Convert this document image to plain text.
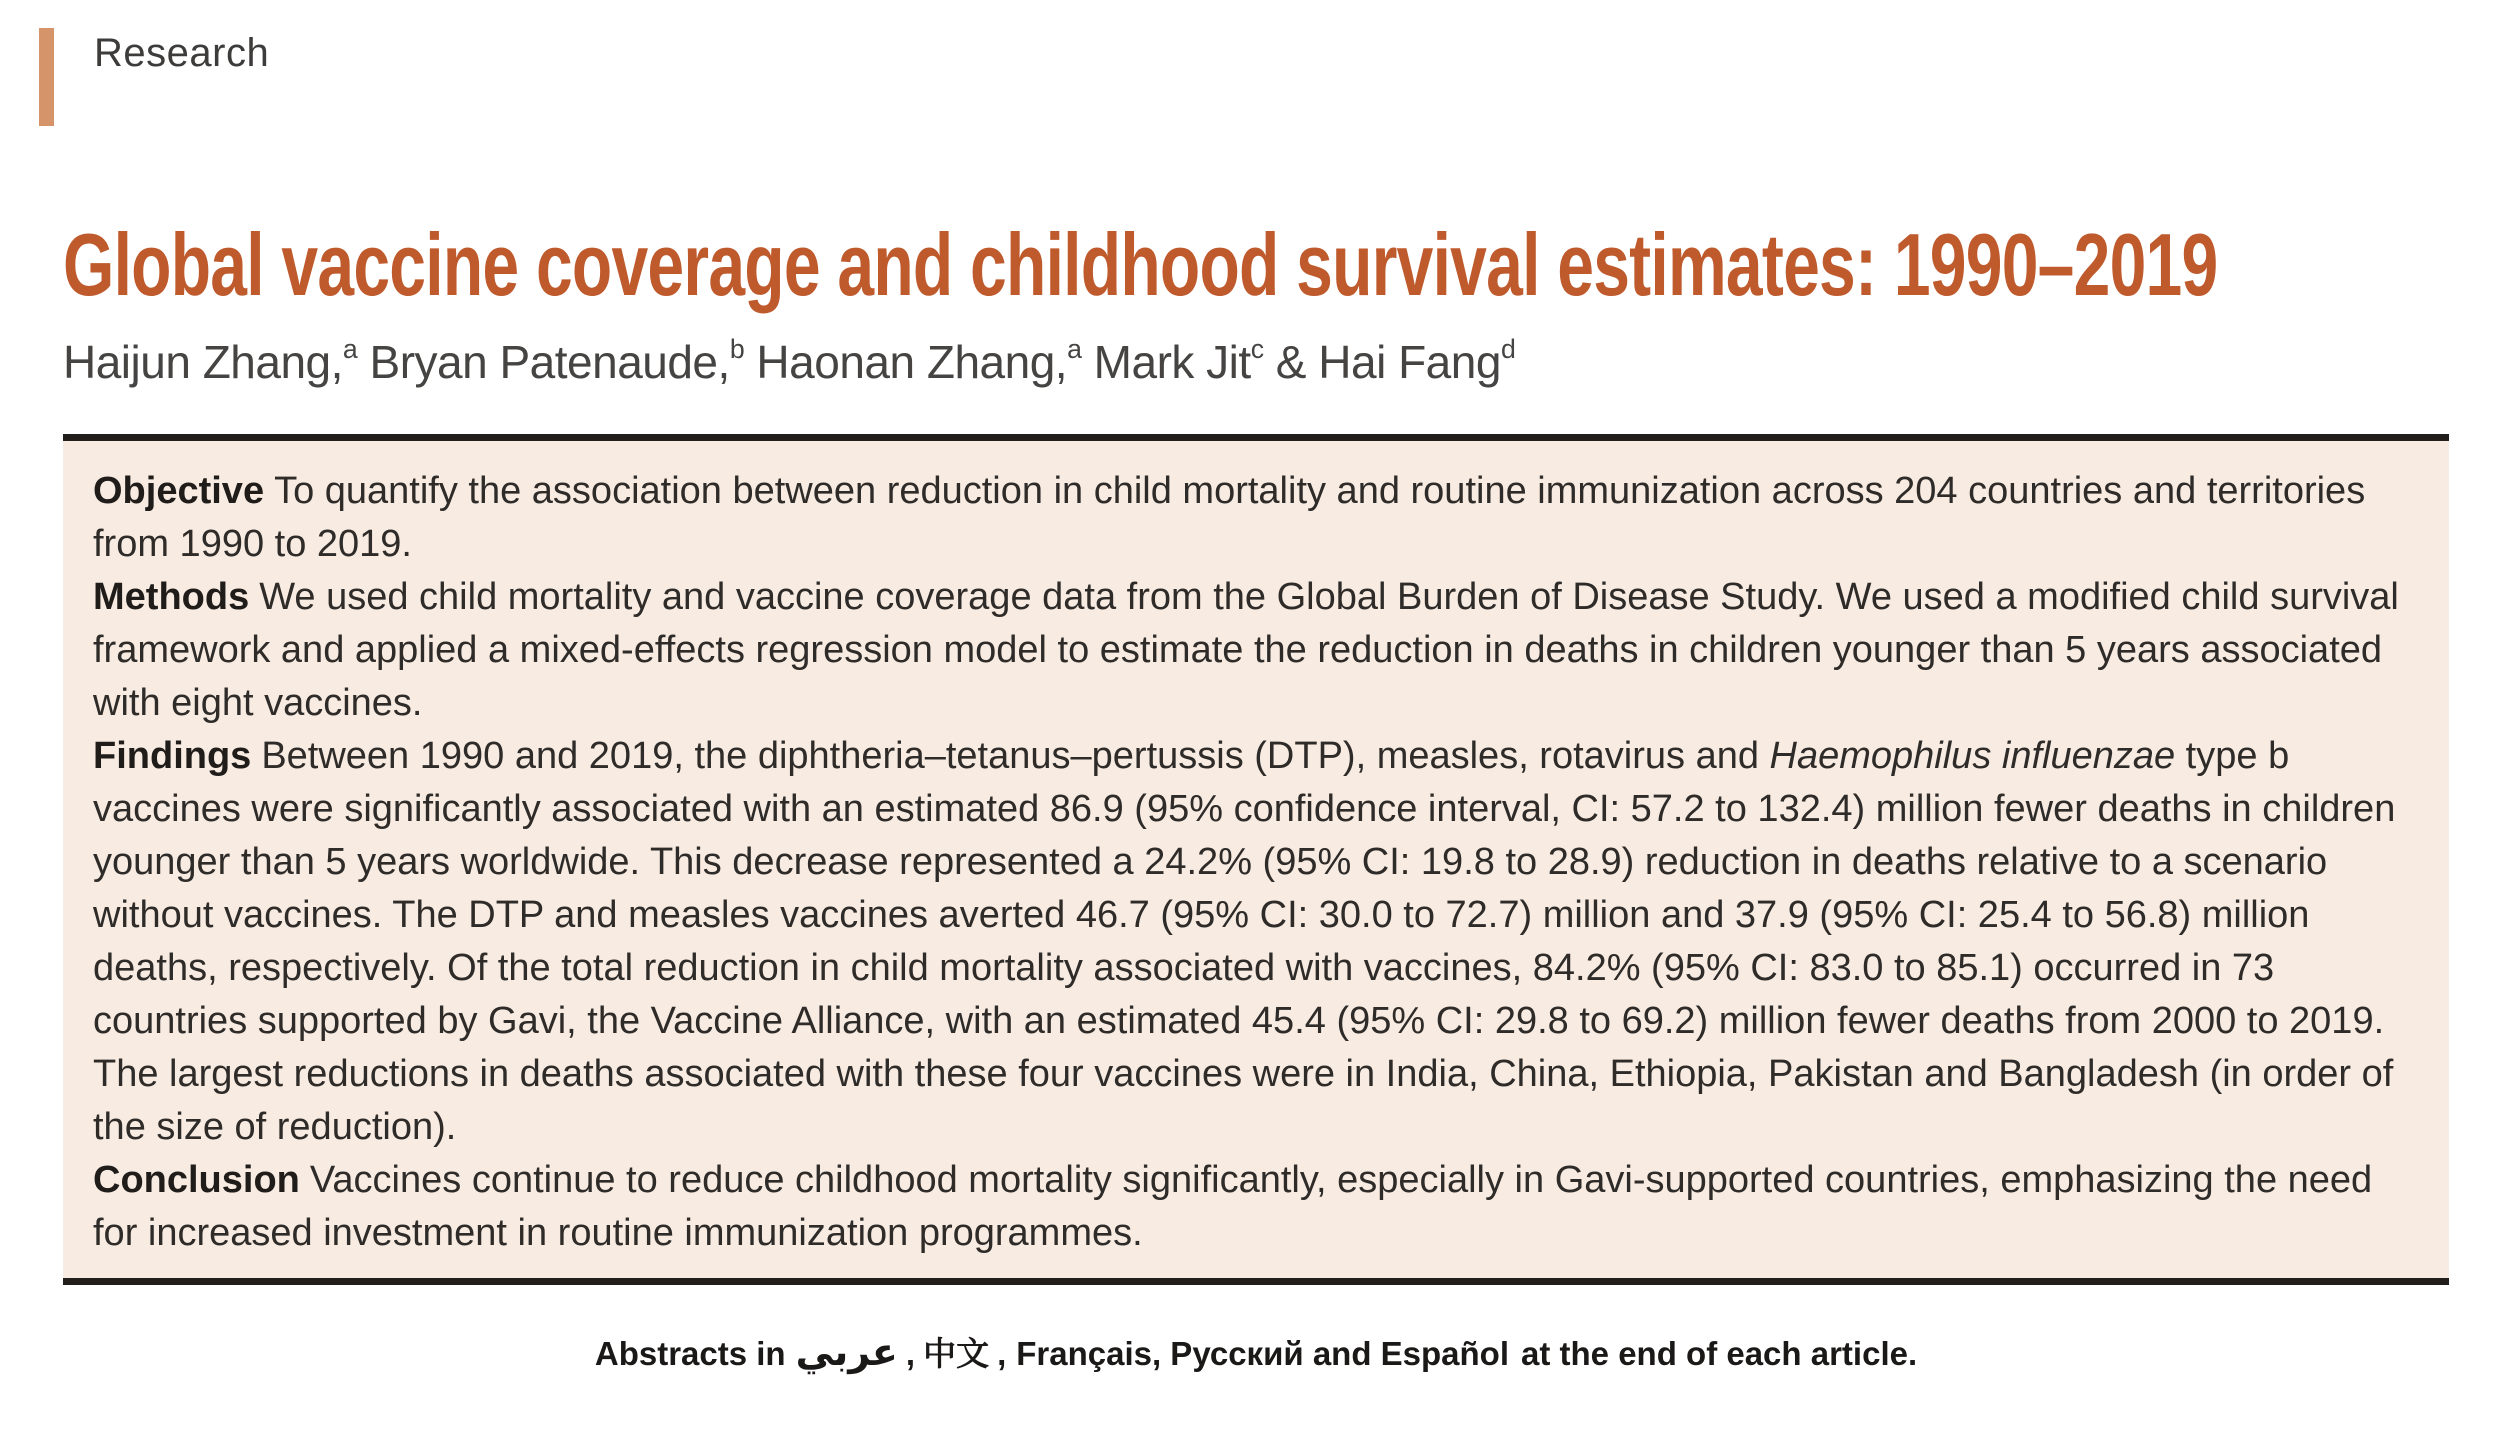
Research
Global vaccine coverage and childhood survival estimates: 1990–2019

Haijun Zhang,$^a$ Bryan Patenaude,$^b$ Haonan Zhang,$^a$ Mark Jit$^c$ & Hai Fang$^d$

Objective To quantify the association between reduction in child mortality and routine immunization across 204 countries and territories from 1990 to 2019.

Methods We used child mortality and vaccine coverage data from the Global Burden of Disease Study. We used a modified child survival framework and applied a mixed-effects regression model to estimate the reduction in deaths in children younger than 5 years associated with eight vaccines.

Findings Between 1990 and 2019, the diphtheria–tetanus–pertussis (DTP), measles, rotavirus and Haemophilus influenzae type b vaccines were significantly associated with an estimated 86.9 (95% confidence interval, CI: 57.2 to 132.4) million fewer deaths in children younger than 5 years worldwide. This decrease represented a 24.2% (95% CI: 19.8 to 28.9) reduction in deaths relative to a scenario without vaccines. The DTP and measles vaccines averted 46.7 (95% CI: 30.0 to 72.7) million and 37.9 (95% CI: 25.4 to 56.8) million deaths, respectively. Of the total reduction in child mortality associated with vaccines, 84.2% (95% CI: 83.0 to 85.1) occurred in 73 countries supported by Gavi, the Vaccine Alliance, with an estimated 45.4 (95% CI: 29.8 to 69.2) million fewer deaths from 2000 to 2019. The largest reductions in deaths associated with these four vaccines were in India, China, Ethiopia, Pakistan and Bangladesh (in order of the size of reduction).

Conclusion Vaccines continue to reduce childhood mortality significantly, especially in Gavi-supported countries, emphasizing the need for increased investment in routine immunization programmes.

Abstracts in عربي , 中文 , Français, Русский and Español at the end of each article.
